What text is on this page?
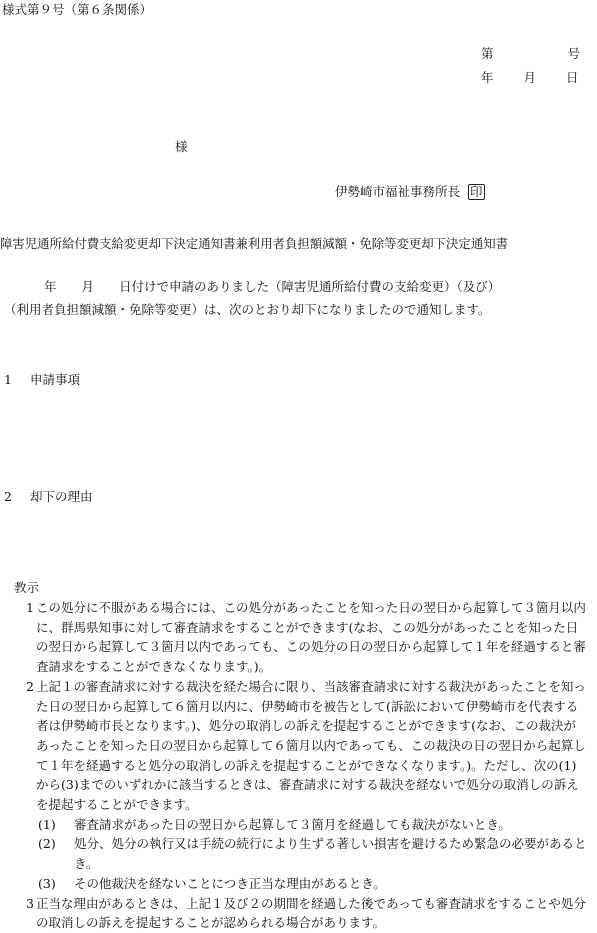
様式第９号（第６条関係）
第	号
年 月 日
様
伊勢崎市福祉事務所長 印
障害児通所給付費支給変更却下決定通知書兼利用者負担額減額・免除等変更却下決定通知書
年　　月　　日付けで申請のありました（障害児通所給付費の支給変更）（及び）
（利用者負担額減額・免除等変更）は、次のとおり却下になりましたので通知します。
1 申請事項
2 却下の理由
教示
1 この処分に不服がある場合には、この処分があったことを知った日の翌日から起算して３箇月以内に、群馬県知事に対して審査請求をすることができます(なお、この処分があったことを知った日の翌日から起算して３箇月以内であっても、この処分の日の翌日から起算して１年を経過すると審査請求をすることができなくなります。)。
2 上記１の審査請求に対する裁決を経た場合に限り、当該審査請求に対する裁決があったことを知った日の翌日から起算して６箇月以内に、伊勢崎市を被告として(訴訟において伊勢崎市を代表する者は伊勢崎市長となります。)、処分の取消しの訴えを提起することができます(なお、この裁決があったことを知った日の翌日から起算して６箇月以内であっても、この裁決の日の翌日から起算して１年を経過すると処分の取消しの訴えを提起することができなくなります。)。ただし、次の(1)から(3)までのいずれかに該当するときは、審査請求に対する裁決を経ないで処分の取消しの訴えを提起することができます。
(1) 審査請求があった日の翌日から起算して３箇月を経過しても裁決がないとき。
(2) 処分、処分の執行又は手続の続行により生ずる著しい損害を避けるため緊急の必要があるとき。
(3) その他裁決を経ないことにつき正当な理由があるとき。
3 正当な理由があるときは、上記１及び２の期間を経過した後であっても審査請求をすることや処分の取消しの訴えを提起することが認められる場合があります。
